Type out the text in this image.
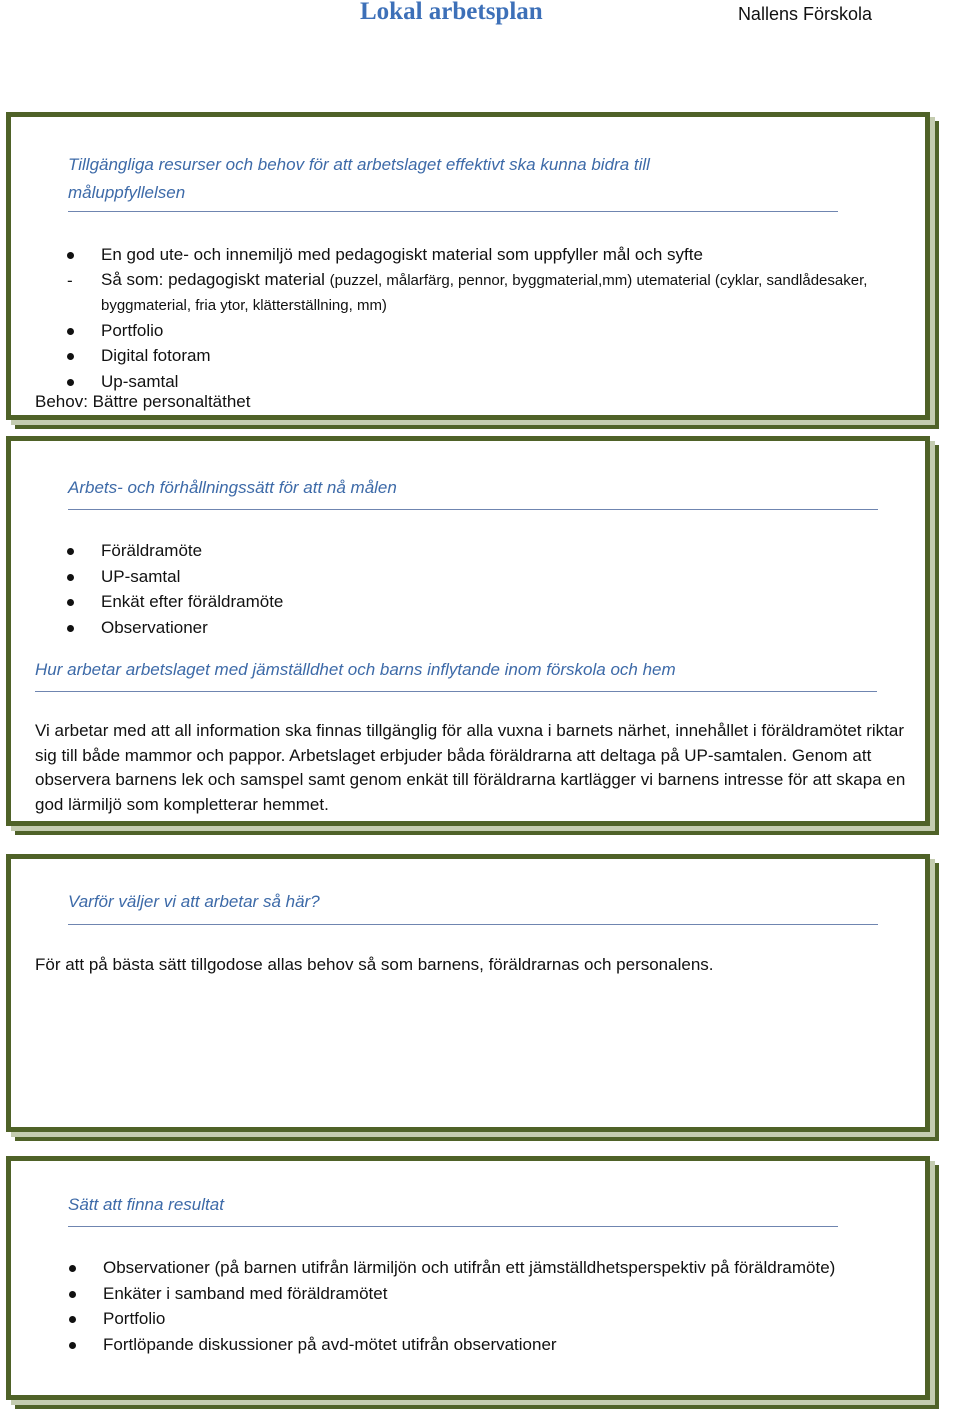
Lokal arbetsplan	Nallens Förskola
Tillgängliga resurser och behov för att arbetslaget effektivt ska kunna bidra till
måluppfyllelsen
En god ute- och innemiljö med pedagogiskt material som uppfyller mål och syfte
-	Så som: pedagogiskt material (puzzel, målarfärg, pennor, byggmaterial,mm) utematerial (cyklar, sandlådesaker, byggmaterial, fria ytor, klätterställning, mm)
Portfolio
Digital fotoram
Up-samtal
Behov: Bättre personaltäthet
Arbets- och förhållningssätt för att nå målen
Föräldramöte
UP-samtal
Enkät efter föräldramöte
Observationer
Hur arbetar arbetslaget med jämställdhet och barns inflytande inom förskola och hem
Vi arbetar med att all information ska finnas tillgänglig för alla vuxna i barnets närhet, innehållet i föräldramötet riktar sig till både mammor och pappor. Arbetslaget erbjuder båda föräldrarna att deltaga på UP-samtalen. Genom att observera barnens lek och samspel samt genom enkät till föräldrarna kartlägger vi barnens intresse för att skapa en god lärmiljö som kompletterar hemmet.
Varför väljer vi att arbetar så här?
För att på bästa sätt tillgodose allas behov så som barnens, föräldrarnas och personalens.
Sätt att finna resultat
Observationer (på barnen utifrån lärmiljön och utifrån ett jämställdhetsperspektiv på föräldramöte)
Enkäter i samband med föräldramötet
Portfolio
Fortlöpande diskussioner på avd-mötet utifrån observationer
